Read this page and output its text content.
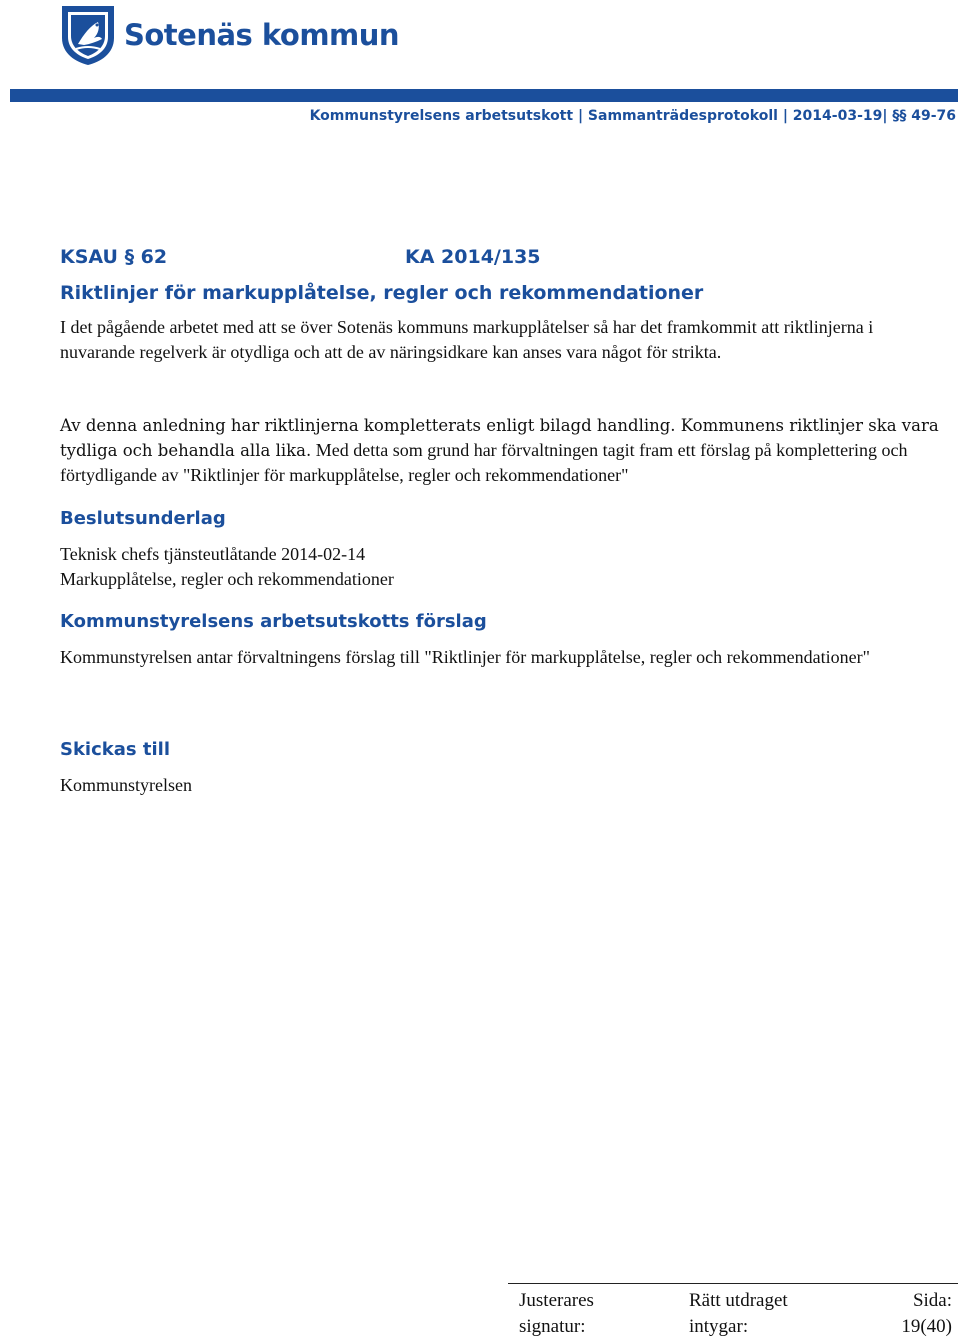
Sotenäs kommun
Kommunstyrelsens arbetsutskott | Sammanträdesprotokoll | 2014-03-19| §§ 49-76
KSAU § 62	KA 2014/135
Riktlinjer för markupplåtelse, regler och rekommendationer

I det pågående arbetet med att se över Sotenäs kommuns markupplåtelser så har det framkommit att riktlinjerna i nuvarande regelverk är otydliga och att de av näringsidkare kan anses vara något för strikta.

Av denna anledning har riktlinjerna kompletterats enligt bilagd handling. Kommunens riktlinjer ska vara tydliga och behandla alla lika. Med detta som grund har förvaltningen tagit fram ett förslag på komplettering och förtydligande av "Riktlinjer för markupplåtelse, regler och rekommendationer"

Beslutsunderlag

Teknisk chefs tjänsteutlåtande 2014-02-14

Markupplåtelse, regler och rekommendationer

Kommunstyrelsens arbetsutskotts förslag

Kommunstyrelsen antar förvaltningens förslag till "Riktlinjer för markupplåtelse, regler och rekommendationer"

Skickas till

Kommunstyrelsen

Justerares
signatur:
Rätt utdraget
intygar:
Sida:
19(40)
